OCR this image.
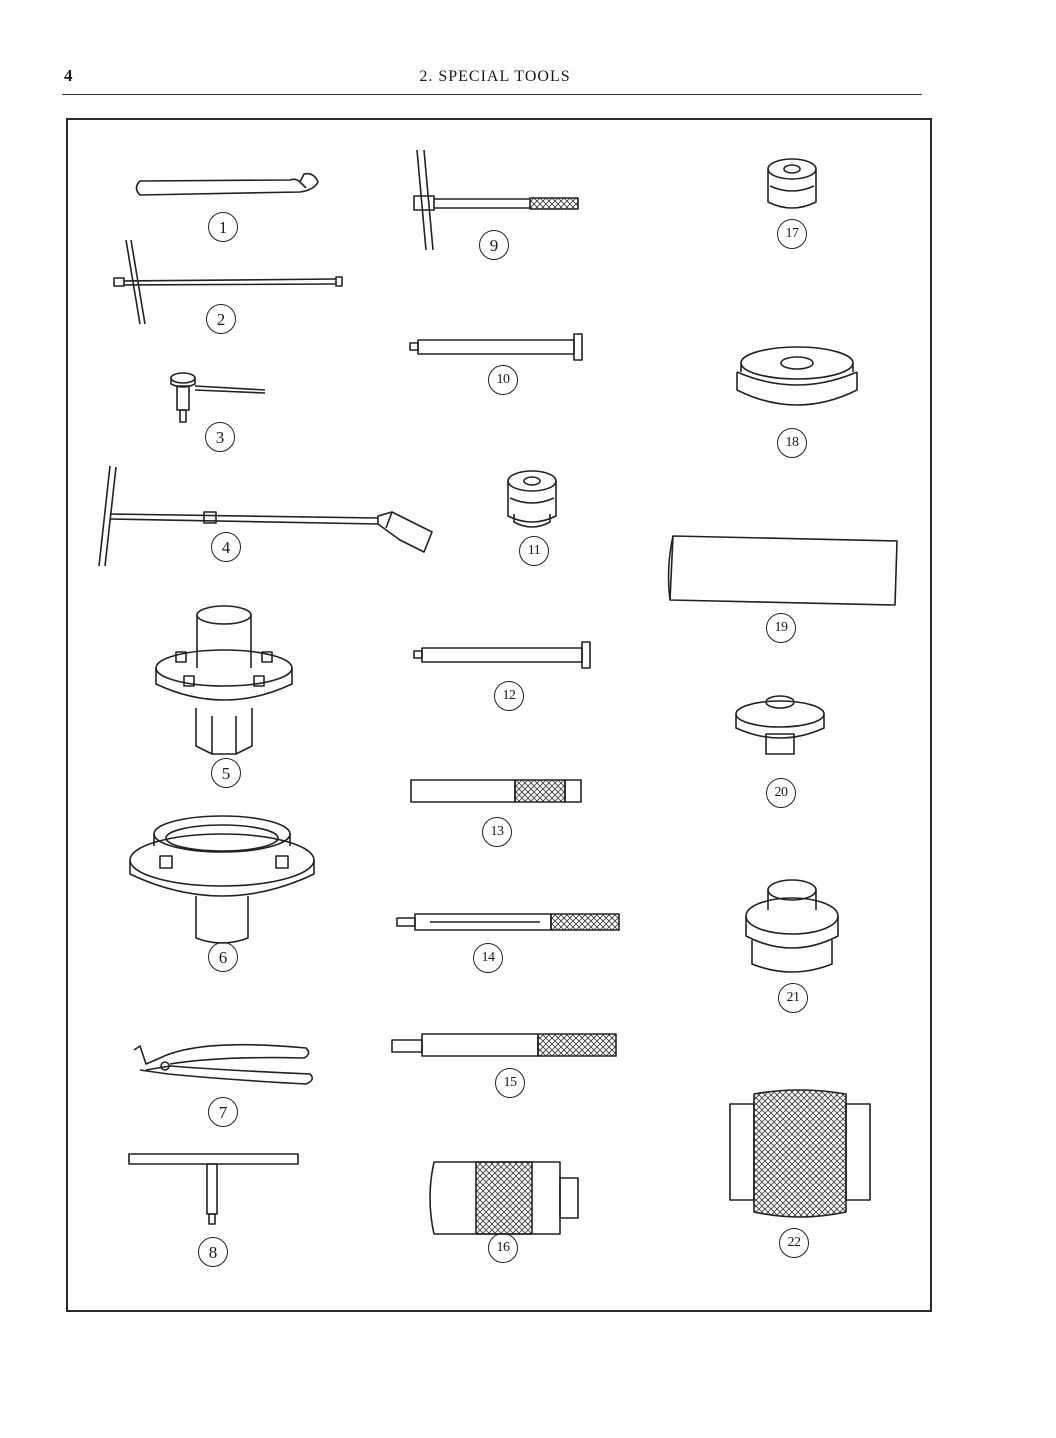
4	2. SPECIAL TOOLS
1
2
3
4
5
6
7
8
9
10
11
12
13
14
15
16
17
18
19
20
21
22
